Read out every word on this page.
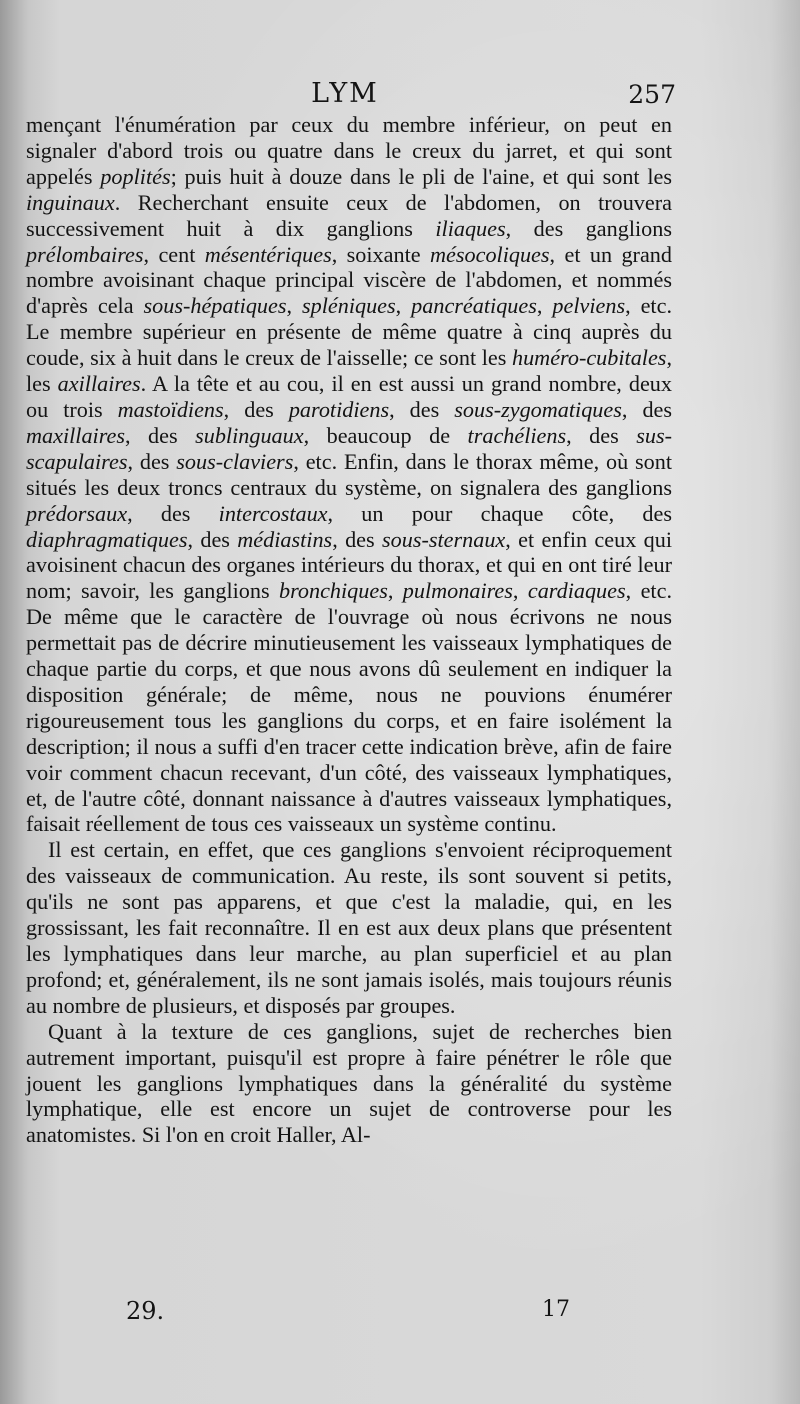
LYM	257

mençant l'énumération par ceux du membre inférieur, on peut en signaler d'abord trois ou quatre dans le creux du jarret, et qui sont appelés poplités; puis huit à douze dans le pli de l'aine, et qui sont les inguinaux. Recherchant ensuite ceux de l'abdomen, on trouvera successivement huit à dix ganglions iliaques, des ganglions prélombaires, cent mésentériques, soixante mésocoliques, et un grand nombre avoisinant chaque principal viscère de l'abdomen, et nommés d'après cela sous-hépatiques, spléniques, pancréatiques, pelviens, etc. Le membre supérieur en présente de même quatre à cinq auprès du coude, six à huit dans le creux de l'aisselle; ce sont les huméro-cubitales, les axillaires. A la tête et au cou, il en est aussi un grand nombre, deux ou trois mastoïdiens, des parotidiens, des sous-zygomatiques, des maxillaires, des sublinguaux, beaucoup de trachéliens, des sus-scapulaires, des sous-claviers, etc. Enfin, dans le thorax même, où sont situés les deux troncs centraux du système, on signalera des ganglions prédorsaux, des intercostaux, un pour chaque côte, des diaphragmatiques, des médiastins, des sous-sternaux, et enfin ceux qui avoisinent chacun des organes intérieurs du thorax, et qui en ont tiré leur nom; savoir, les ganglions bronchiques, pulmonaires, cardiaques, etc. De même que le caractère de l'ouvrage où nous écrivons ne nous permettait pas de décrire minutieusement les vaisseaux lymphatiques de chaque partie du corps, et que nous avons dû seulement en indiquer la disposition générale; de même, nous ne pouvions énumérer rigoureusement tous les ganglions du corps, et en faire isolément la description; il nous a suffi d'en tracer cette indication brève, afin de faire voir comment chacun recevant, d'un côté, des vaisseaux lymphatiques, et, de l'autre côté, donnant naissance à d'autres vaisseaux lymphatiques, faisait réellement de tous ces vaisseaux un système continu.

Il est certain, en effet, que ces ganglions s'envoient réciproquement des vaisseaux de communication. Au reste, ils sont souvent si petits, qu'ils ne sont pas apparens, et que c'est la maladie, qui, en les grossissant, les fait reconnaître. Il en est aux deux plans que présentent les lymphatiques dans leur marche, au plan superficiel et au plan profond; et, généralement, ils ne sont jamais isolés, mais toujours réunis au nombre de plusieurs, et disposés par groupes.

Quant à la texture de ces ganglions, sujet de recherches bien autrement important, puisqu'il est propre à faire pénétrer le rôle que jouent les ganglions lymphatiques dans la généralité du système lymphatique, elle est encore un sujet de controverse pour les anatomistes. Si l'on en croit Haller, Al-

29.	17
